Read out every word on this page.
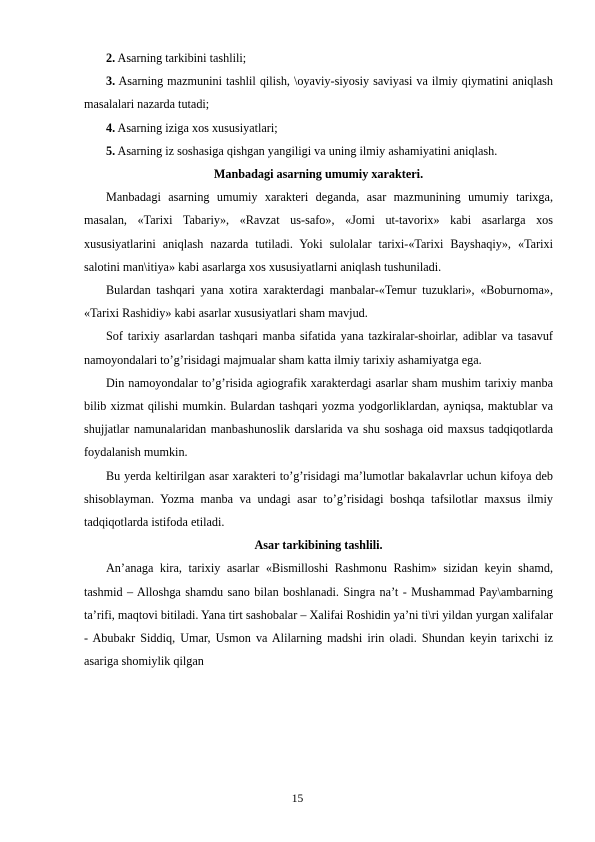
2. Asarning tarkibini tashlili;

3. Asarning mazmunini tashlil qilish, \oyaviy-siyosiy saviyasi va ilmiy qiymatini aniqlash masalalari nazarda tutadi;

4. Asarning iziga xos xususiyatlari;

5. Asarning iz soshasiga qishgan yangiligi va uning ilmiy ashamiyatini aniqlash.

Manbadagi asarning umumiy xarakteri.

Manbadagi asarning umumiy xarakteri deganda, asar mazmunining umumiy tarixga, masalan, «Tarixi Tabariy», «Ravzat us-safo», «Jomi ut-tavorix» kabi asarlarga xos xususiyatlarini aniqlash nazarda tutiladi. Yoki sulolalar tarixi-«Tarixi Bayshaqiy», «Tarixi salotini man\itiya» kabi asarlarga xos xususiyatlarni aniqlash tushuniladi.

Bulardan tashqari yana xotira xarakterdagi manbalar-«Temur tuzuklari», «Boburnoma», «Tarixi Rashidiy» kabi asarlar xususiyatlari sham mavjud.

Sof tarixiy asarlardan tashqari manba sifatida yana tazkiralar-shoirlar, adiblar va tasavuf namoyondalari to’g’risidagi majmualar sham katta ilmiy tarixiy ashamiyatga ega.

Din namoyondalar to’g’risida agiografik xarakterdagi asarlar sham mushim tarixiy manba bilib xizmat qilishi mumkin. Bulardan tashqari yozma yodgorliklardan, ayniqsa, maktublar va shujjatlar namunalaridan manbashunoslik darslarida va shu soshaga oid maxsus tadqiqotlarda foydalanish mumkin.

Bu yerda keltirilgan asar xarakteri to’g’risidagi ma’lumotlar bakalavrlar uchun kifoya deb shisoblayman. Yozma manba va undagi asar to’g’risidagi boshqa tafsilotlar maxsus ilmiy tadqiqotlarda istifoda etiladi.

Asar tarkibining tashlili.

An’anaga kira, tarixiy asarlar «Bismilloshi Rashmonu Rashim» sizidan keyin shamd, tashmid – Alloshga shamdu sano bilan boshlanadi. Singra na’t - Mushammad Pay\ambarning ta’rifi, maqtovi bitiladi. Yana tirt sashobalar – Xalifai Roshidin ya’ni ti\ri yildan yurgan xalifalar - Abubakr Siddiq, Umar, Usmon va Alilarning madshi irin oladi. Shundan keyin tarixchi iz asariga shomiylik qilgan

15
